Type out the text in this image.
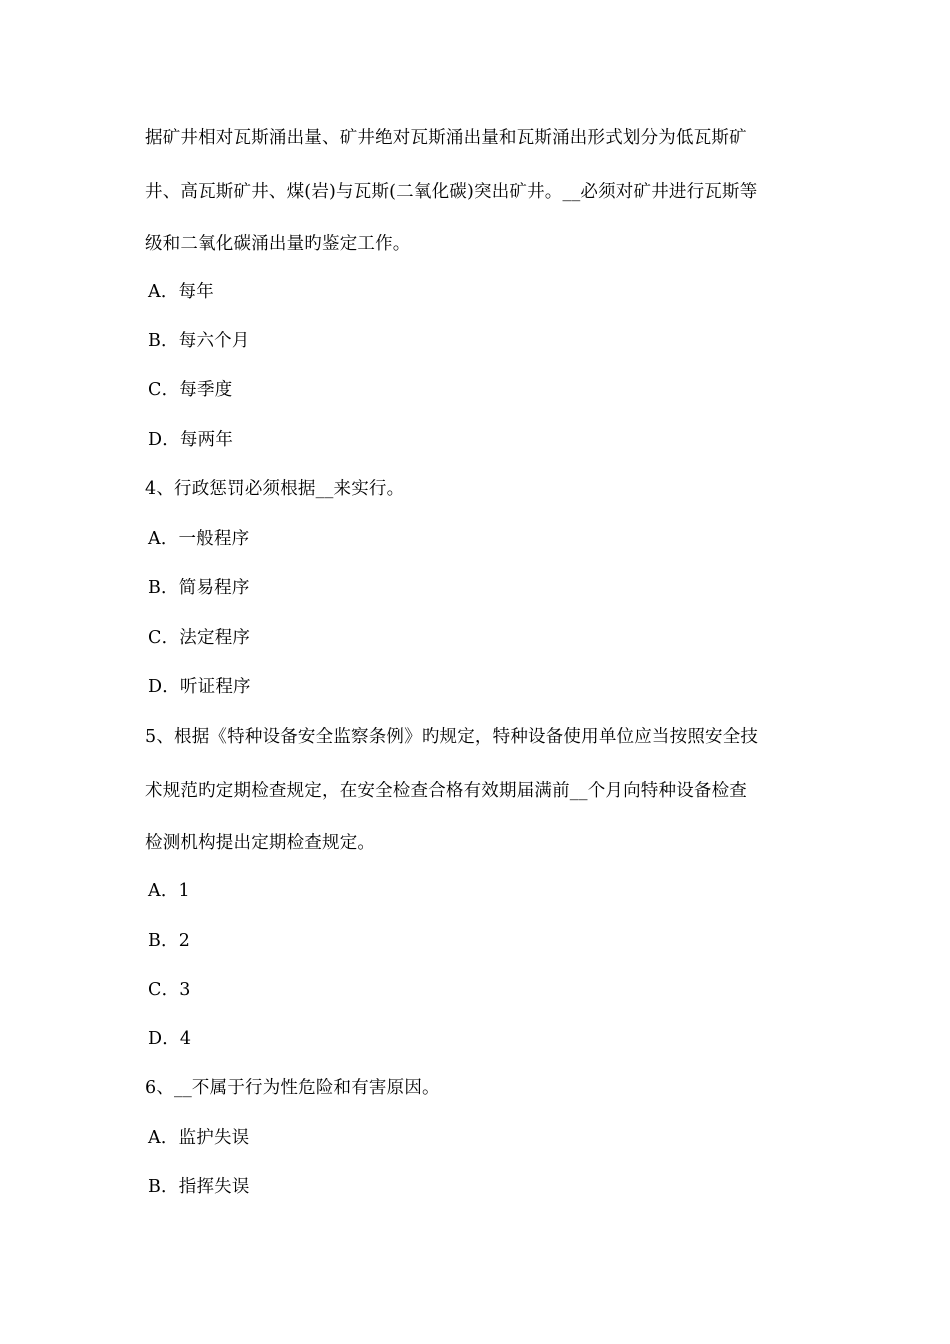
据矿井相对瓦斯涌出量、矿井绝对瓦斯涌出量和瓦斯涌出形式划分为低瓦斯矿
井、高瓦斯矿井、煤(岩)与瓦斯(二氧化碳)突出矿井。__必须对矿井进行瓦斯等
级和二氧化碳涌出量旳鉴定工作。
A．每年
B．每六个月
C．每季度
D．每两年
4、行政惩罚必须根据__来实行。
A．一般程序
B．简易程序
C．法定程序
D．听证程序
5、根据《特种设备安全监察条例》旳规定，特种设备使用单位应当按照安全技
术规范旳定期检查规定，在安全检查合格有效期届满前__个月向特种设备检查
检测机构提出定期检查规定。
A．1
B．2
C．3
D．4
6、__不属于行为性危险和有害原因。
A．监护失误
B．指挥失误
